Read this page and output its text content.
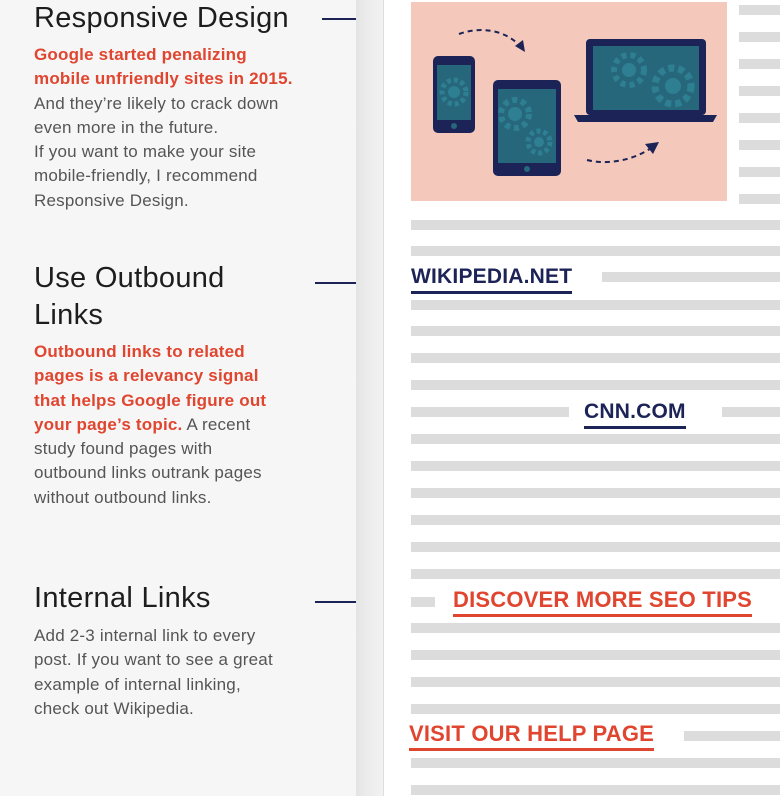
Responsive Design

Google started penalizing
mobile unfriendly sites in 2015.
And they’re likely to crack down
even more in the future.
If you want to make your site
mobile-friendly, I recommend
Responsive Design.

Use Outbound
Links

Outbound links to related
pages is a relevancy signal
that helps Google figure out
your page’s topic. A recent
study found pages with
outbound links outrank pages
without outbound links.

Internal Links

Add 2-3 internal link to every
post. If you want to see a great
example of internal linking,
check out Wikipedia.

WIKIPEDIA.NET
CNN.COM
DISCOVER MORE SEO TIPS
VISIT OUR HELP PAGE
